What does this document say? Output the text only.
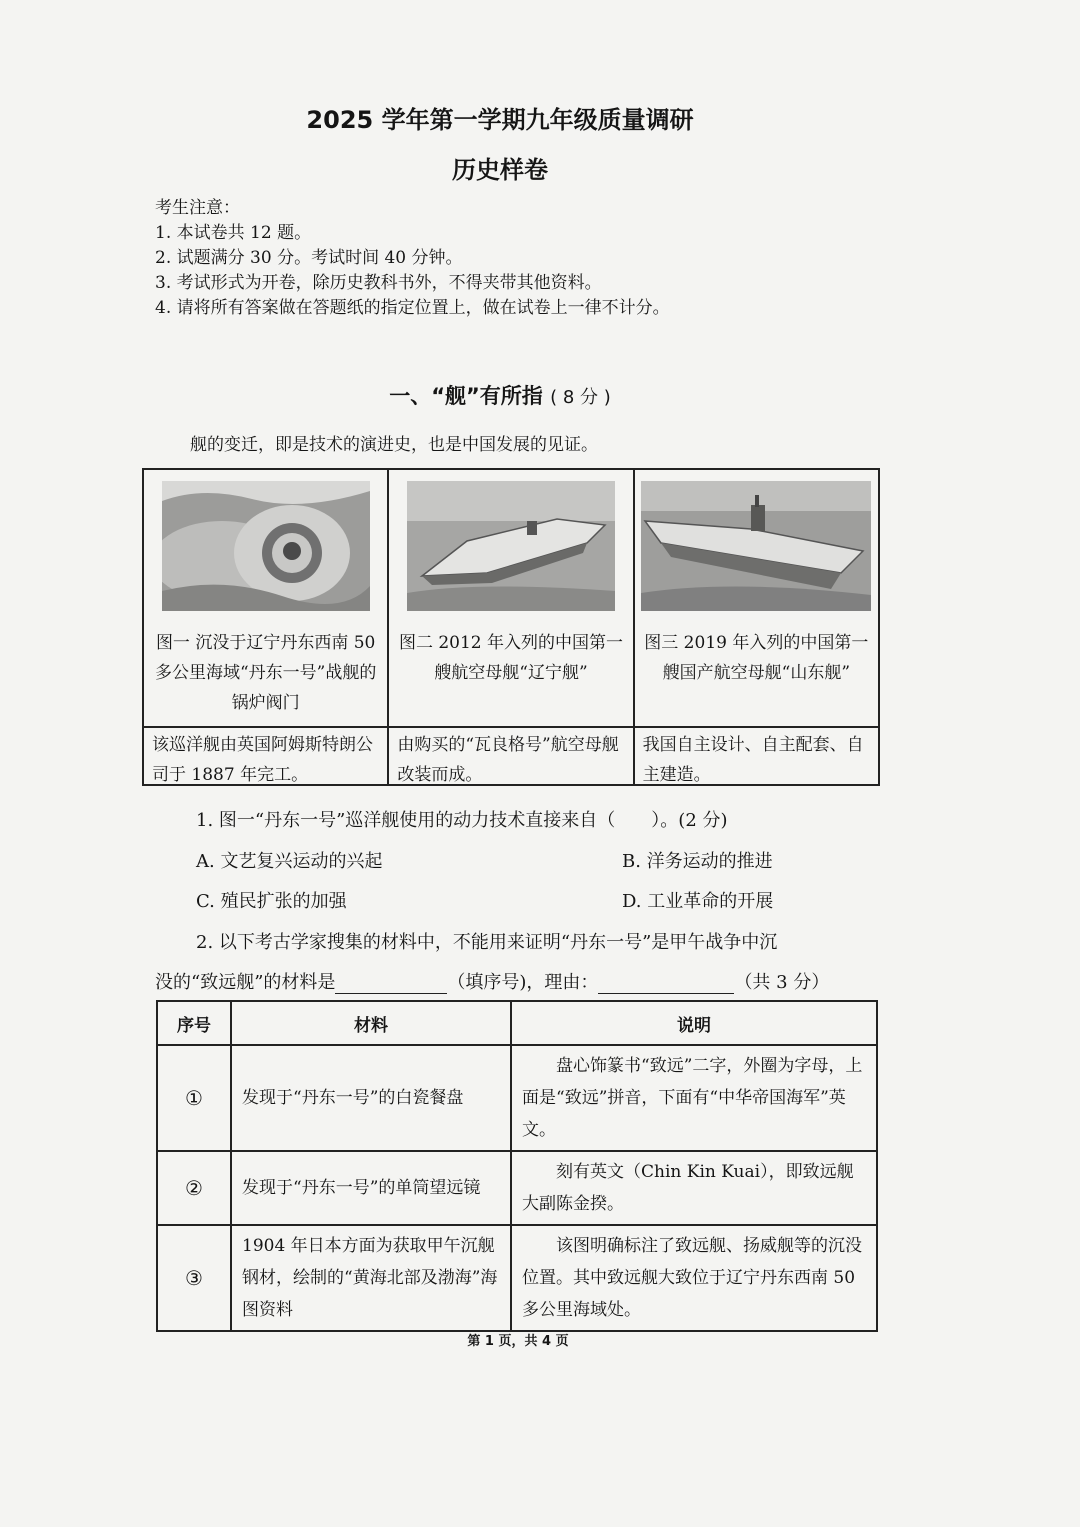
2025 学年第一学期九年级质量调研
历史样卷
考生注意：
1. 本试卷共 12 题。
2. 试题满分 30 分。考试时间 40 分钟。
3. 考试形式为开卷，除历史教科书外，不得夹带其他资料。
4. 请将所有答案做在答题纸的指定位置上，做在试卷上一律不计分。
一、“舰”有所指 ( 8 分 )
舰的变迁，即是技术的演进史，也是中国发展的见证。
图一 沉没于辽宁丹东西南 50 多公里海域“丹东一号”战舰的锅炉阀门	图二 2012 年入列的中国第一艘航空母舰“辽宁舰”	图三 2019 年入列的中国第一艘国产航空母舰“山东舰”

该巡洋舰由英国阿姆斯特朗公司于 1887 年完工。	由购买的“瓦良格号”航空母舰改装而成。	我国自主设计、自主配套、自主建造。
1. 图一“丹东一号”巡洋舰使用的动力技术直接来自（　　）。(2 分)
A. 文艺复兴运动的兴起	B. 洋务运动的推进
C. 殖民扩张的加强	D. 工业革命的开展
2. 以下考古学家搜集的材料中，不能用来证明“丹东一号”是甲午战争中沉
没的“致远舰”的材料是	（填序号)，理由：	（共 3 分）
序号	材料	说明
①	发现于“丹东一号”的白瓷餐盘	盘心饰篆书“致远”二字，外圈为字母，上面是“致远”拼音，下面有“中华帝国海军”英文。
②	发现于“丹东一号”的单筒望远镜	刻有英文（Chin Kin Kuai），即致远舰大副陈金揆。
③	1904 年日本方面为获取甲午沉舰钢材，绘制的“黄海北部及渤海”海图资料	该图明确标注了致远舰、扬威舰等的沉没位置。其中致远舰大致位于辽宁丹东西南 50 多公里海域处。
第 1 页，共 4 页
